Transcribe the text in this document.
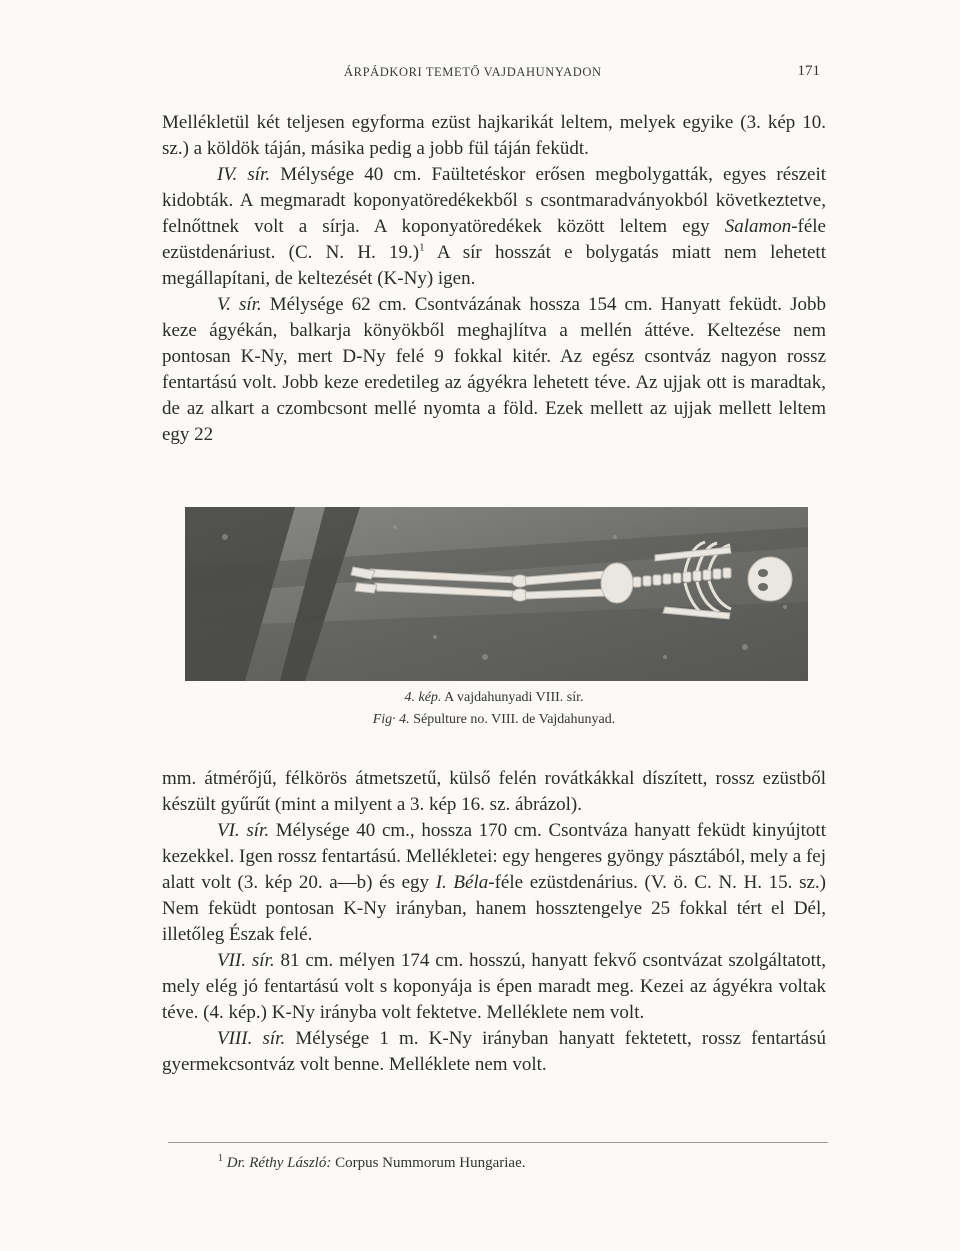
ÁRPÁDKORI TEMETŐ VAJDAHUNYADON	171

Mellékletül két teljesen egyforma ezüst hajkarikát leltem, melyek egyike (3. kép 10. sz.) a köldök táján, másika pedig a jobb fül táján feküdt.

IV. sír. Mélysége 40 cm. Faültetéskor erősen megbolygatták, egyes részeit kidobták. A megmaradt koponyatöredékekből s csontmaradványokból következtetve, felnőttnek volt a sírja. A koponyatöredékek között leltem egy Salamon-féle ezüstdenáriust. (C. N. H. 19.)$^1$ A sír hosszát e bolygatás miatt nem lehetett megállapítani, de keltezését (K-Ny) igen.

V. sír. Mélysége 62 cm. Csontvázának hossza 154 cm. Hanyatt feküdt. Jobb keze ágyékán, balkarja könyökből meghajlítva a mellén áttéve. Keltezése nem pontosan K-Ny, mert D-Ny felé 9 fokkal kitér. Az egész csontváz nagyon rossz fentartású volt. Jobb keze eredetileg az ágyékra lehetett téve. Az ujjak ott is maradtak, de az alkart a czombcsont mellé nyomta a föld. Ezek mellett az ujjak mellett leltem egy 22

4. kép. A vajdahunyadi VIII. sír.
Fig· 4. Sépulture no. VIII. de Vajdahunyad.

mm. átmérőjű, félkörös átmetszetű, külső felén rovátkákkal díszített, rossz ezüstből készült gyűrűt (mint a milyent a 3. kép 16. sz. ábrázol).

VI. sír. Mélysége 40 cm., hossza 170 cm. Csontváza hanyatt feküdt kinyújtott kezekkel. Igen rossz fentartású. Mellékletei: egy hengeres gyöngy pásztából, mely a fej alatt volt (3. kép 20. a—b) és egy I. Béla-féle ezüstdenárius. (V. ö. C. N. H. 15. sz.) Nem feküdt pontosan K-Ny irányban, hanem hossztengelye 25 fokkal tért el Dél, illetőleg Észak felé.

VII. sír. 81 cm. mélyen 174 cm. hosszú, hanyatt fekvő csontvázat szolgáltatott, mely elég jó fentartású volt s koponyája is épen maradt meg. Kezei az ágyékra voltak téve. (4. kép.) K-Ny irányba volt fektetve. Melléklete nem volt.

VIII. sír. Mélysége 1 m. K-Ny irányban hanyatt fektetett, rossz fentartású gyermekcsontváz volt benne. Melléklete nem volt.

$^1$ Dr. Réthy László: Corpus Nummorum Hungariae.
